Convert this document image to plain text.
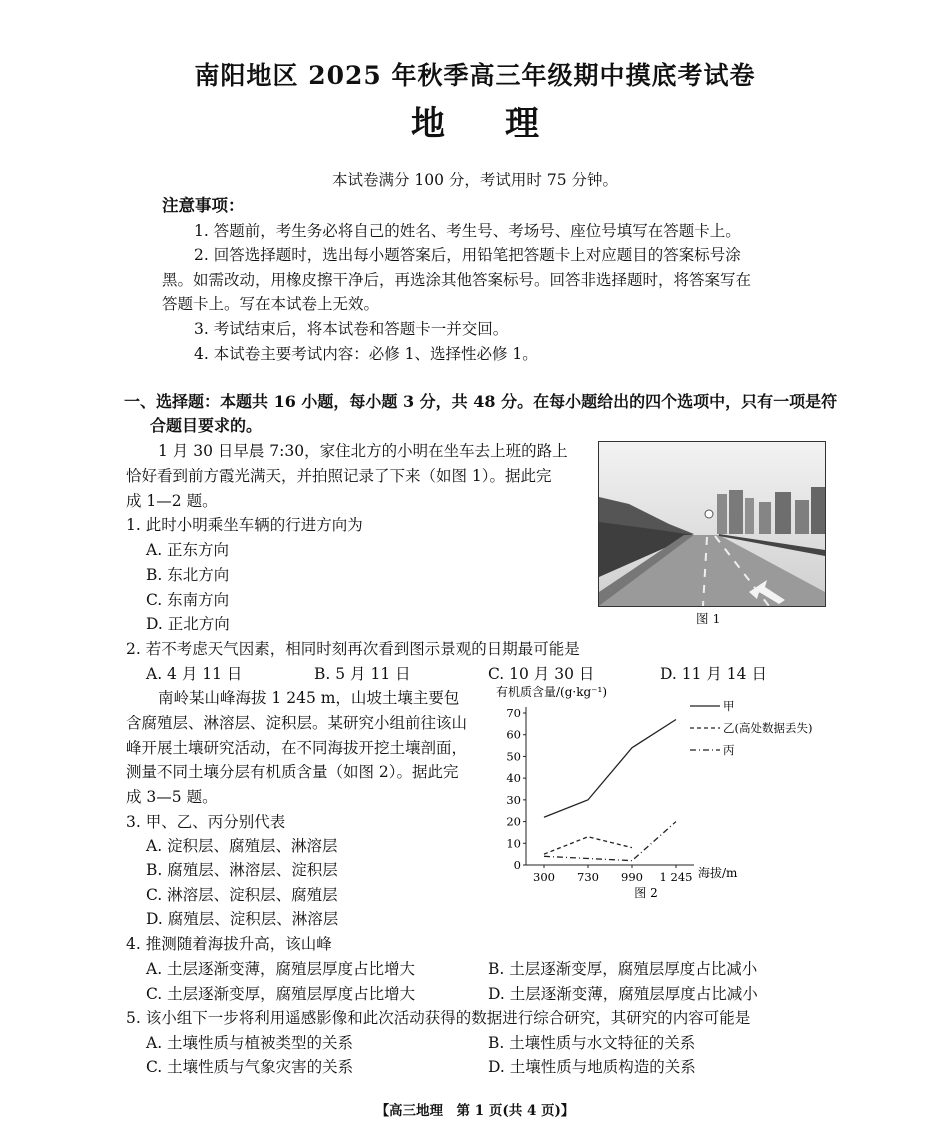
南阳地区 2025 年秋季高三年级期中摸底考试卷
地理
本试卷满分 100 分，考试用时 75 分钟。
注意事项：
1. 答题前，考生务必将自己的姓名、考生号、考场号、座位号填写在答题卡上。
2. 回答选择题时，选出每小题答案后，用铅笔把答题卡上对应题目的答案标号涂
黑。如需改动，用橡皮擦干净后，再选涂其他答案标号。回答非选择题时，将答案写在
答题卡上。写在本试卷上无效。
3. 考试结束后，将本试卷和答题卡一并交回。
4. 本试卷主要考试内容：必修 1、选择性必修 1。
一、选择题：本题共 16 小题，每小题 3 分，共 48 分。在每小题给出的四个选项中，只有一项是符
合题目要求的。
1 月 30 日早晨 7:30，家住北方的小明在坐车去上班的路上
恰好看到前方霞光满天，并拍照记录了下来（如图 1）。据此完
成 1—2 题。
图 1
1. 此时小明乘坐车辆的行进方向为
A. 正东方向
B. 东北方向
C. 东南方向
D. 正北方向
2. 若不考虑天气因素，相同时刻再次看到图示景观的日期最可能是
A. 4 月 11 日	B. 5 月 11 日	C. 10 月 30 日	D. 11 月 14 日
南岭某山峰海拔 1 245 m，山坡土壤主要包
含腐殖层、淋溶层、淀积层。某研究小组前往该山
峰开展土壤研究活动，在不同海拔开挖土壤剖面，
测量不同土壤分层有机质含量（如图 2）。据此完
成 3—5 题。
有机质含量/(g·kg⁻¹)
0
10
20
30
40
50
60
70
300 730 990 1 245
甲
乙(高处数据丢失)
丙
海拔/m
图 2
3. 甲、乙、丙分别代表
A. 淀积层、腐殖层、淋溶层
B. 腐殖层、淋溶层、淀积层
C. 淋溶层、淀积层、腐殖层
D. 腐殖层、淀积层、淋溶层
4. 推测随着海拔升高，该山峰
A. 土层逐渐变薄，腐殖层厚度占比增大	B. 土层逐渐变厚，腐殖层厚度占比减小
C. 土层逐渐变厚，腐殖层厚度占比增大	D. 土层逐渐变薄，腐殖层厚度占比减小
5. 该小组下一步将利用遥感影像和此次活动获得的数据进行综合研究，其研究的内容可能是
A. 土壤性质与植被类型的关系	B. 土壤性质与水文特征的关系
C. 土壤性质与气象灾害的关系	D. 土壤性质与地质构造的关系
【高三地理　第 1 页(共 4 页)】
